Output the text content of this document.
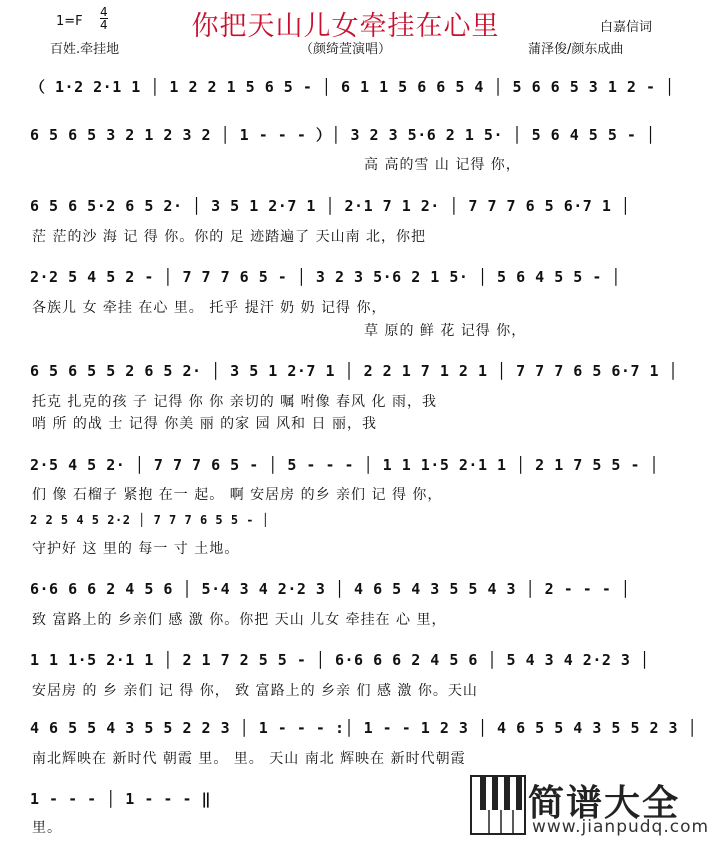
1=F
4
4	你把天山儿女牵挂在心里	白嘉信词
百姓.牵挂地	（颜绮萱演唱）	蒲泽俊/颜东成曲
（ 1·2 2·1 1 │ 1 2 2 1 5 6 5 - │ 6 1 1 5 6 6 5 4 │ 5 6 6 5 3 1 2 - │
6 5 6 5 3 2 1 2 3 2 │ 1 - - - ）│ 3 2 3 5·6 2 1 5· │ 5 6 4 5 5 - │
高 高的雪 山 记得 你，
6 5 6 5·2 6 5 2· │ 3 5 1 2·7 1 │ 2·1 7 1 2· │ 7 7 7 6 5 6·7 1 │
茫 茫的沙 海 记 得 你。你的 足 迹踏遍了 天山南 北，你把
2·2 5 4 5 2 - │ 7 7 7 6 5 - │ 3 2 3 5·6 2 1 5· │ 5 6 4 5 5 - │
各族儿 女 牵挂 在心 里。 托乎 提汗 奶 奶 记得 你，
草 原的 鲜 花 记得 你，
6 5 6 5 5 2 6 5 2· │ 3 5 1 2·7 1 │ 2 2 1 7 1 2 1 │ 7 7 7 6 5 6·7 1 │
托克 扎克的孩 子 记得 你 你 亲切的 嘱 咐像 春风 化 雨，我
哨 所 的战 士 记得 你美 丽 的家 园 风和 日 丽，我
2·5 4 5 2· │ 7 7 7 6 5 - │ 5 - - - │ 1 1 1·5 2·1 1 │ 2 1 7 5 5 - │
们 像 石榴子 紧抱 在一 起。 啊 安居房 的乡 亲们 记 得 你，
2 2 5 4 5 2·2 │ 7 7 7 6 5 5 - │
守护好 这 里的 每一 寸 土地。
6·6 6 6 2 4 5 6 │ 5·4 3 4 2·2 3 │ 4 6 5 4 3 5 5 4 3 │ 2 - - - │
致 富路上的 乡亲们 感 激 你。你把 天山 儿女 牵挂在 心 里，
1 1 1·5 2·1 1 │ 2 1 7 2 5 5 - │ 6·6 6 6 2 4 5 6 │ 5 4 3 4 2·2 3 │
安居房 的 乡 亲们 记 得 你， 致 富路上的 乡亲 们 感 激 你。天山
4 6 5 5 4 3 5 5 2 2 3 │ 1 - - - :│ 1 - - 1 2 3 │ 4 6 5 5 4 3 5 5 2 3 │
南北辉映在 新时代 朝霞 里。 里。 天山 南北 辉映在 新时代朝霞
1 - - - │ 1 - - - ‖
里。
简谱大全
www.jianpudq.com
